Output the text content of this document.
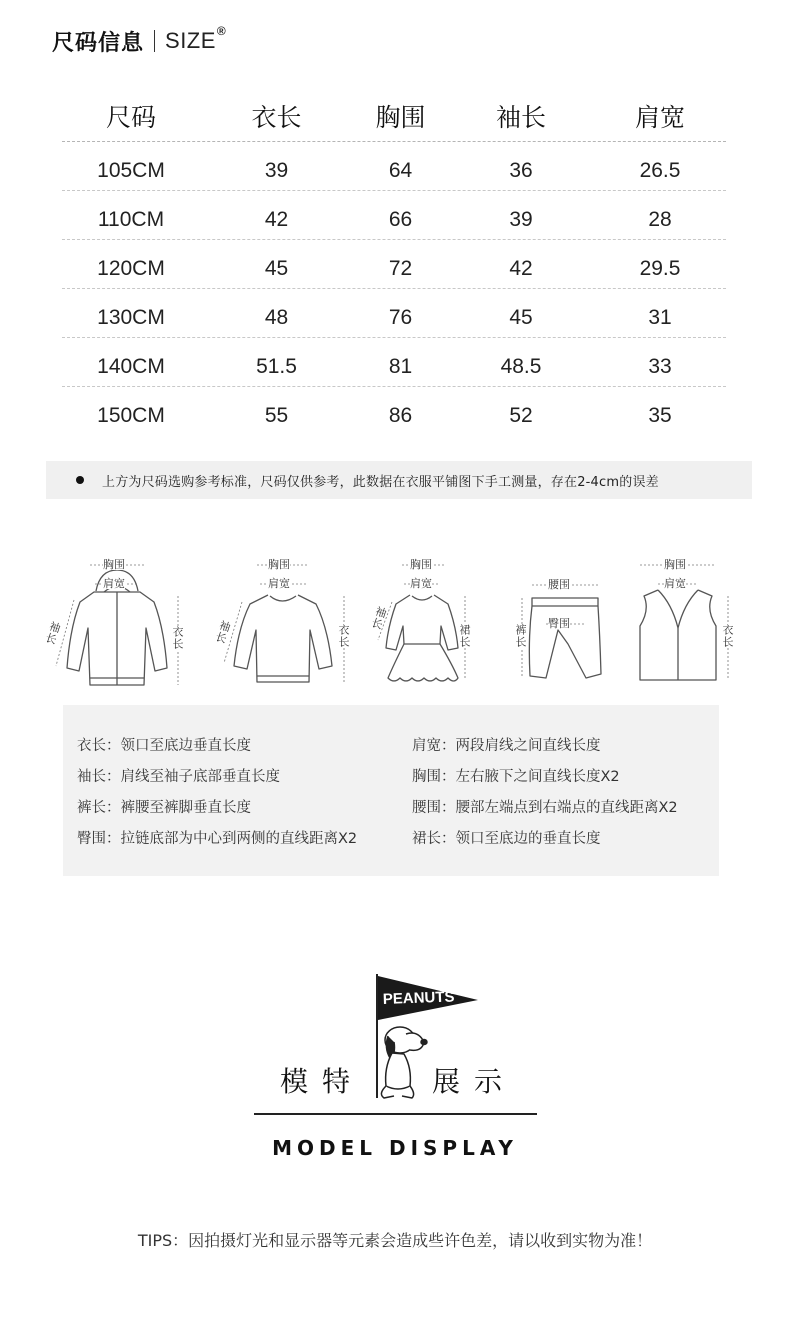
尺码信息 SIZE ®
尺码	衣长	胸围	袖长	肩宽
105CM	39	64	36	26.5
110CM	42	66	39	28
120CM	45	72	42	29.5
130CM	48	76	45	31
140CM	51.5	81	48.5	33
150CM	55	86	52	35
上方为尺码选购参考标准，尺码仅供参考，此数据在衣服平铺图下手工测量，存在2-4cm的误差
胸围
肩宽
袖长	衣长
胸围
肩宽
袖长	衣长
胸围
肩宽
袖长
裙长
腰围
臀围
裤长
胸围
肩宽
衣长
衣长：领口至底边垂直长度
袖长：肩线至袖子底部垂直长度
裤长：裤腰至裤脚垂直长度
臀围：拉链底部为中心到两侧的直线距离X2
肩宽：两段肩线之间直线长度
胸围：左右腋下之间直线长度X2
腰围：腰部左端点到右端点的直线距离X2
裙长：领口至底边的垂直长度
PEANUTS
模特 展示
MODEL DISPLAY
TIPS：因拍摄灯光和显示器等元素会造成些许色差，请以收到实物为准！
